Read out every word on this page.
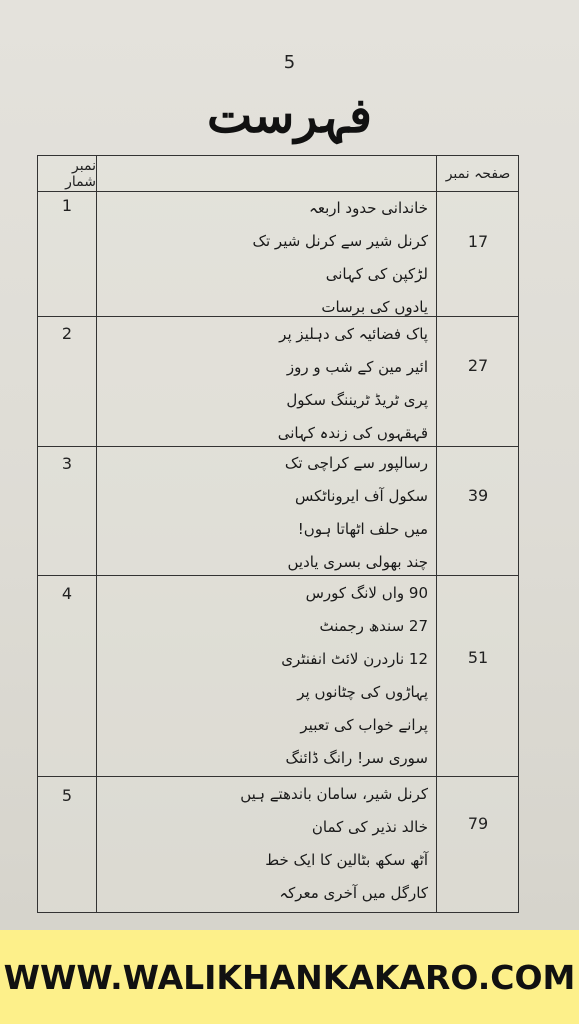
5
فہرست
نمبر شمار	صفحہ نمبر
1
17
خاندانی حدود اربعہ
کرنل شیر سے کرنل شیر تک
لڑکپن کی کہانی
یادوں کی برسات
2
27
پاک فضائیہ کی دہلیز پر
ائیر مین کے شب و روز
پری ٹریڈ ٹریننگ سکول
قہقہوں کی زندہ کہانی
3
39
رسالپور سے کراچی تک
سکول آف ایروناٹکس
میں حلف اٹھاتا ہوں!
چند بھولی بسری یادیں
4
51
90 واں لانگ کورس
27 سندھ رجمنٹ
12 ناردرن لائٹ انفنٹری
پہاڑوں کی چٹانوں پر
پرانے خواب کی تعبیر
سوری سر! رانگ ڈائنگ
5
79
کرنل شیر، سامان باندھتے ہیں
خالد نذیر کی کمان
آٹھ سکھ بٹالین کا ایک خط
کارگل میں آخری معرکہ
WWW.WALIKHANKAKARO.COM
